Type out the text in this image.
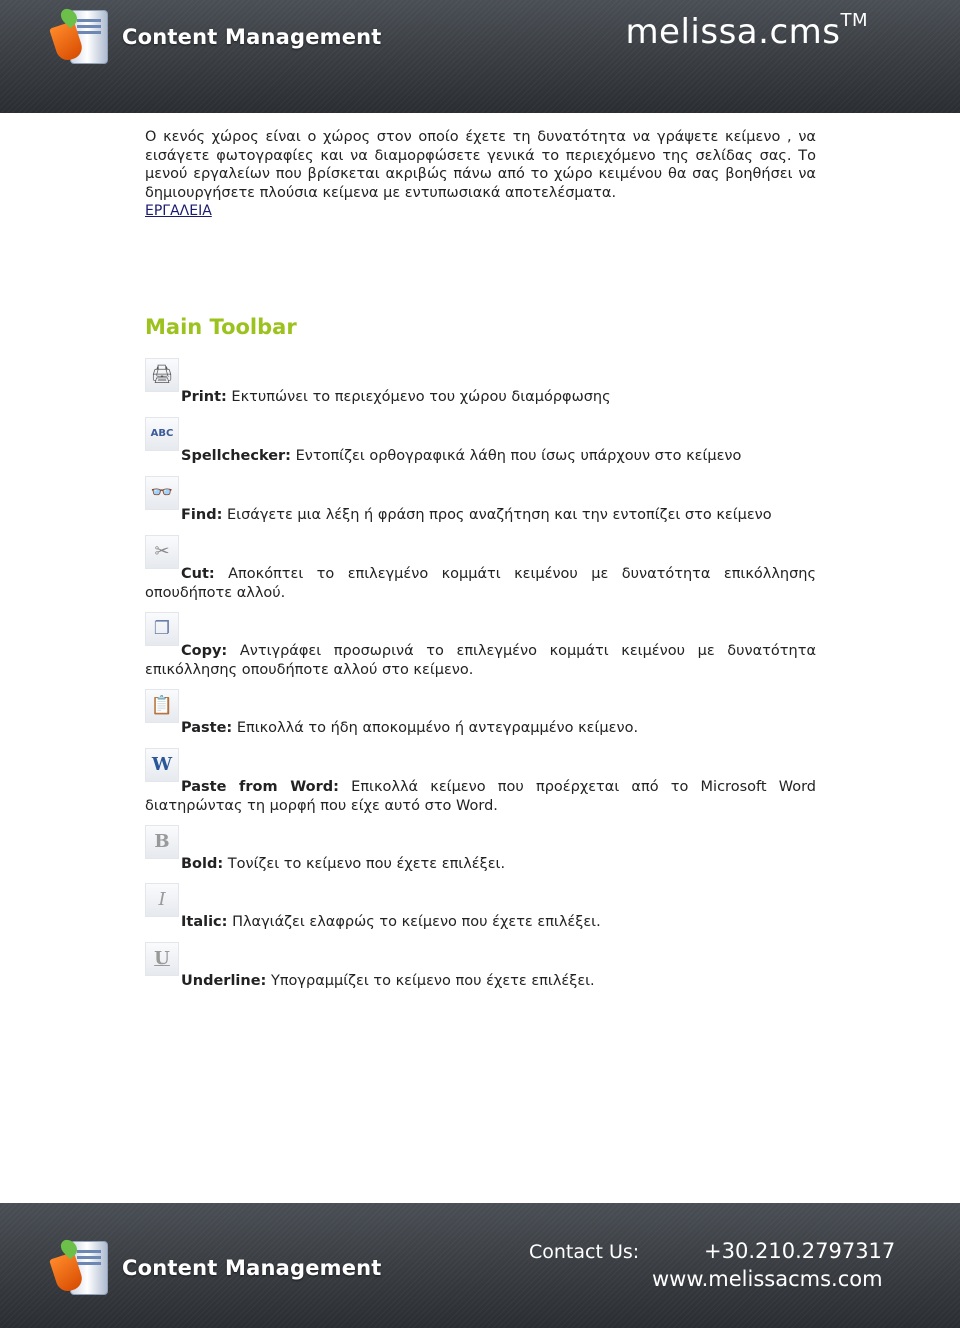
Content Management	melissa.cms™

Ο κενός χώρος είναι ο χώρος στον οποίο έχετε τη δυνατότητα να γράψετε κείμενο , να εισάγετε φωτογραφίες και να διαμορφώσετε γενικά το περιεχόμενο της σελίδας σας. Το μενού εργαλείων που βρίσκεται ακριβώς πάνω από το χώρο κειμένου θα σας βοηθήσει να δημιουργήσετε πλούσια κείμενα με εντυπωσιακά αποτελέσματα.

ΕΡΓΑΛΕΙΑ
Main Toolbar
🖨

Print: Εκτυπώνει το περιεχόμενο του χώρου διαμόρφωσης

ABC

Spellchecker: Εντοπίζει ορθογραφικά λάθη που ίσως υπάρχουν στο κείμενο

👓

Find: Εισάγετε μια λέξη ή φράση προς αναζήτηση και την εντοπίζει στο κείμενο

✂

Cut: Αποκόπτει το επιλεγμένο κομμάτι κειμένου με δυνατότητα επικόλλησης οπουδήποτε αλλού.

❐

Copy: Αντιγράφει προσωρινά το επιλεγμένο κομμάτι κειμένου με δυνατότητα επικόλλησης οπουδήποτε αλλού στο κείμενο.

📋

Paste: Επικολλά το ήδη αποκομμένο ή αντεγραμμένο κείμενο.

W

Paste from Word: Επικολλά κείμενο που προέρχεται από το Microsoft Word διατηρώντας τη μορφή που είχε αυτό στο Word.

B

Bold: Τονίζει το κείμενο που έχετε επιλέξει.

I

Italic: Πλαγιάζει ελαφρώς το κείμενο που έχετε επιλέξει.

U

Underline: Υπογραμμίζει το κείμενο που έχετε επιλέξει.

Content Management
Contact Us:	+30.210.2797317
www.melissacms.com
